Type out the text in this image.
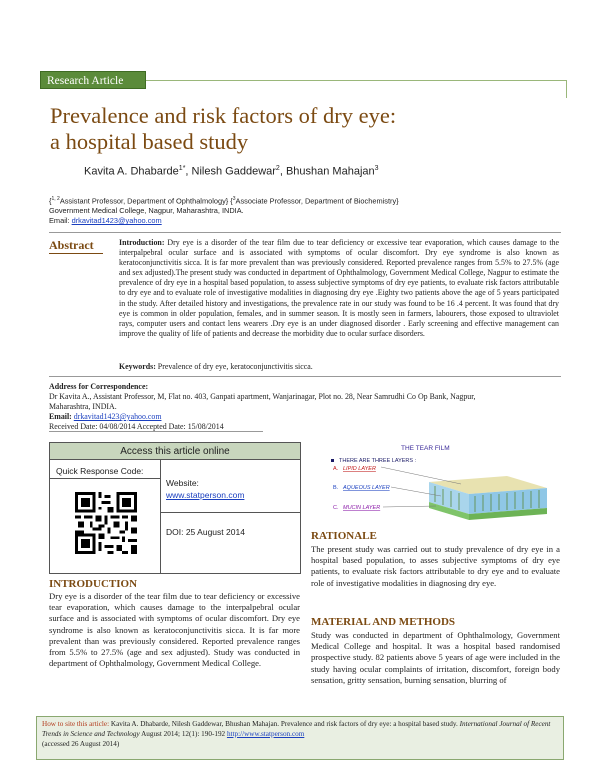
Research Article
Prevalence and risk factors of dry eye:
a hospital based study
Kavita A. Dhabarde$^{1*}$, Nilesh Gaddewar$^2$, Bhushan Mahajan$^3$
{$^{1, 2}$Assistant Professor, Department of Ophthalmology} {$^3$Associate Professor, Department of Biochemistry}
Government Medical College, Nagpur, Maharashtra, INDIA.
Email: drkavitad1423@yahoo.com
Abstract	Introduction: Dry eye is a disorder of the tear film due to tear deficiency or excessive tear evaporation, which causes damage to the interpalpebral ocular surface and is associated with symptoms of ocular discomfort. Dry eye syndrome is also known as keratoconjunctivitis sicca. It is far more prevalent than was previously considered. Reported prevalence ranges from 5.5% to 27.5% (age and sex adjusted).The present study was conducted in department of Ophthalmology, Government Medical College, Nagpur to estimate the prevalence of dry eye in a hospital based population, to assess subjective symptoms of dry eye patients, to evaluate risk factors attributable to dry eye and to evaluate role of investigative modalities in diagnosing dry eye .Eighty two patients above the age of 5 years participated in the study. After detailed history and investigations, the prevalence rate in our study was found to be 16 .4 percent. It was found that dry eye is common in older population, females, and in summer season. It is mostly seen in farmers, labourers, those exposed to ultraviolet rays, computer users and contact lens wearers .Dry eye is an under diagnosed disorder . Early screening and effective management can improve the quality of life of patients and decrease the morbidity due to ocular surface disorders.
Keywords: Prevalence of dry eye, keratoconjunctivitis sicca.
Address for Correspondence:
Dr Kavita A., Assistant Professor, M, Flat no. 403, Ganpati apartment, Wanjarinagar, Plot no. 28, Near Samrudhi Co Op Bank, Nagpur,
Maharashtra, INDIA.
Email: drkavitad1423@yahoo.com
Received Date: 04/08/2014 Accepted Date: 15/08/2014
Access this article online
Quick Response Code:
Website:
www.statperson.com
DOI: 25 August 2014
THE TEAR FILM
THERE ARE THREE LAYERS :
A. LIPID LAYER
B. AQUEOUS LAYER
C. MUCIN LAYER
RATIONALE
The present study was carried out to study prevalence of dry eye in a hospital based population, to asses subjective symptoms of dry eye patients, to evaluate risk factors attributable to dry eye and to evaluate role of investigative modalities in diagnosing dry eye.
MATERIAL AND METHODS
Study was conducted in department of Ophthalmology, Government Medical College and hospital. It was a hospital based randomised prospective study. 82 patients above 5 years of age were included in the study having ocular complaints of irritation, discomfort, foreign body sensation, gritty sensation, burning sensation, blurring of
INTRODUCTION
Dry eye is a disorder of the tear film due to tear deficiency or excessive tear evaporation, which causes damage to the interpalpebral ocular surface and is associated with symptoms of ocular discomfort. Dry eye syndrome is also known as keratoconjunctivitis sicca. It is far more prevalent than was previously considered. Reported prevalence ranges from 5.5% to 27.5% (age and sex adjusted). Study was conducted in department of Ophthalmology, Government Medical College.
How to site this article: Kavita A. Dhabarde, Nilesh Gaddewar, Bhushan Mahajan. Prevalence and risk factors of dry eye: a hospital based study. International Journal of Recent Trends in Science and Technology August 2014; 12(1): 190-192 http://www.statperson.com
(accessed 26 August 2014)
